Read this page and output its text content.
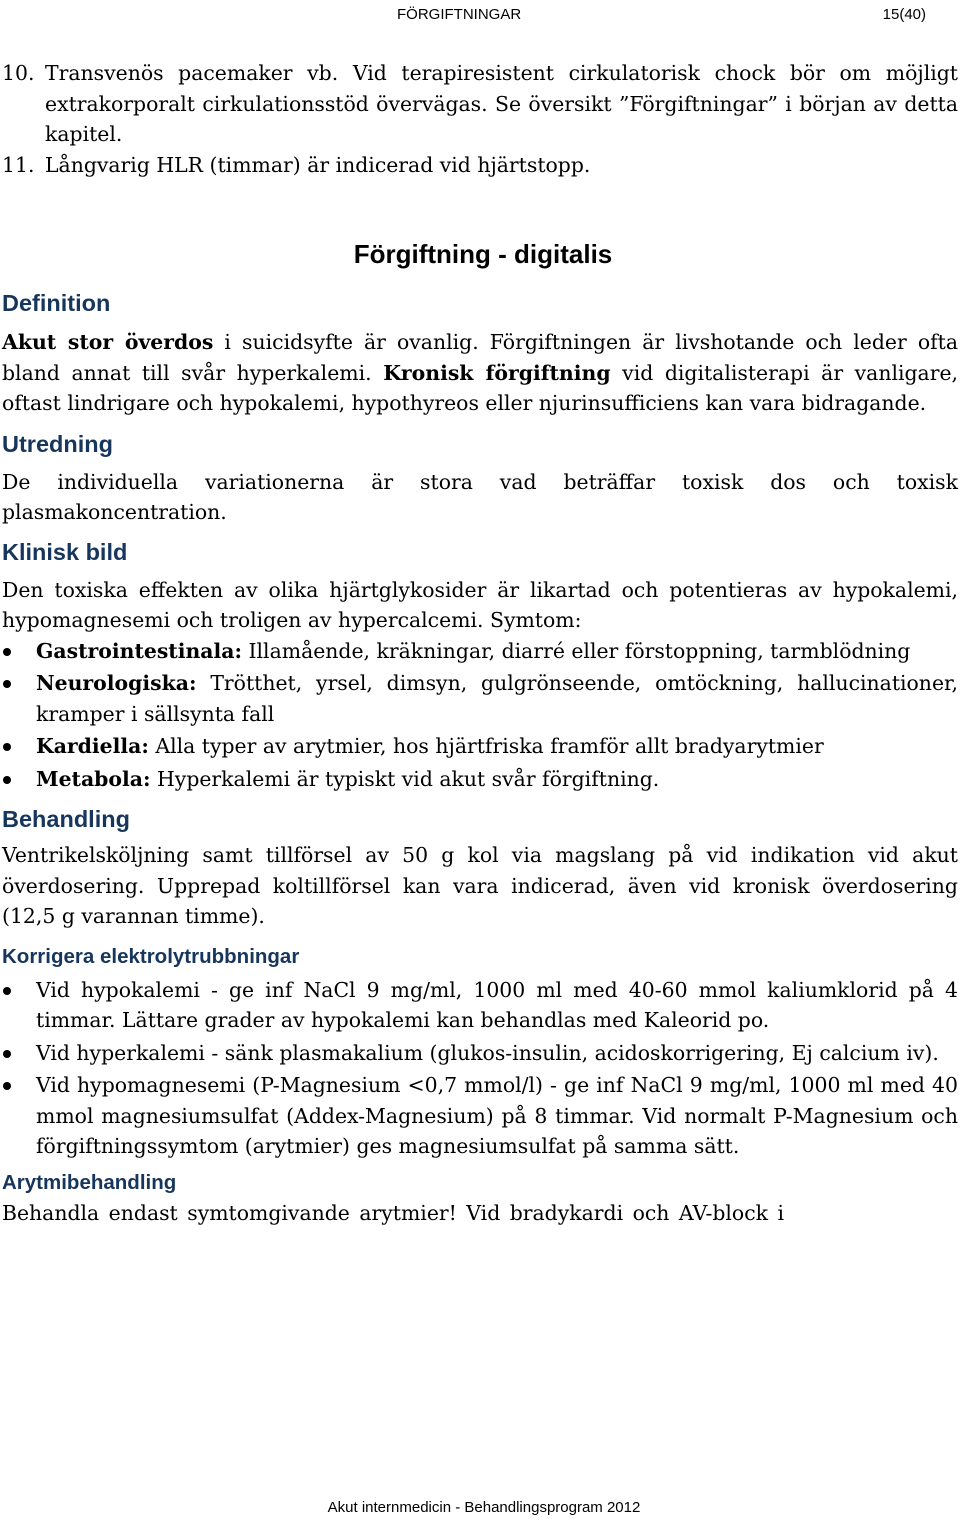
FÖRGIFTNINGAR	15(40)
10. Transvenös pacemaker vb. Vid terapiresistent cirkulatorisk chock bör om möjligt extrakorporalt cirkulationsstöd övervägas. Se översikt ”Förgiftningar” i början av detta kapitel.
11. Långvarig HLR (timmar) är indicerad vid hjärtstopp.
Förgiftning - digitalis
Definition

Akut stor överdos i suicidsyfte är ovanlig. Förgiftningen är livshotande och leder ofta bland annat till svår hyperkalemi. Kronisk förgiftning vid digitalisterapi är vanligare, oftast lindrigare och hypokalemi, hypothyreos eller njurinsufficiens kan vara bidragande.

Utredning

De individuella variationerna är stora vad beträffar toxisk dos och toxisk plasmakoncentration.

Klinisk bild

Den toxiska effekten av olika hjärtglykosider är likartad och potentieras av hypokalemi, hypomagnesemi och troligen av hypercalcemi. Symtom:

Gastrointestinala: Illamående, kräkningar, diarré eller förstoppning, tarmblödning
Neurologiska: Trötthet, yrsel, dimsyn, gulgrönseende, omtöckning, hallucinationer, kramper i sällsynta fall
Kardiella: Alla typer av arytmier, hos hjärtfriska framför allt bradyarytmier
Metabola: Hyperkalemi är typiskt vid akut svår förgiftning.
Behandling

Ventrikelsköljning samt tillförsel av 50 g kol via magslang på vid indikation vid akut överdosering. Upprepad koltillförsel kan vara indicerad, även vid kronisk överdosering (12,5 g varannan timme).

Korrigera elektrolytrubbningar
Vid hypokalemi - ge inf NaCl 9 mg/ml, 1000 ml med 40-60 mmol kaliumklorid på 4 timmar. Lättare grader av hypokalemi kan behandlas med Kaleorid po.
Vid hyperkalemi - sänk plasmakalium (glukos-insulin, acidoskorrigering, Ej calcium iv).
Vid hypomagnesemi (P-Magnesium <0,7 mmol/l) - ge inf NaCl 9 mg/ml, 1000 ml med 40 mmol magnesiumsulfat (Addex-Magnesium) på 8 timmar. Vid normalt P-Magnesium och förgiftningssymtom (arytmier) ges magnesiumsulfat på samma sätt.
Arytmibehandling

Behandla endast symtomgivande arytmier! Vid bradykardi och AV-block i

Akut internmedicin - Behandlingsprogram 2012
